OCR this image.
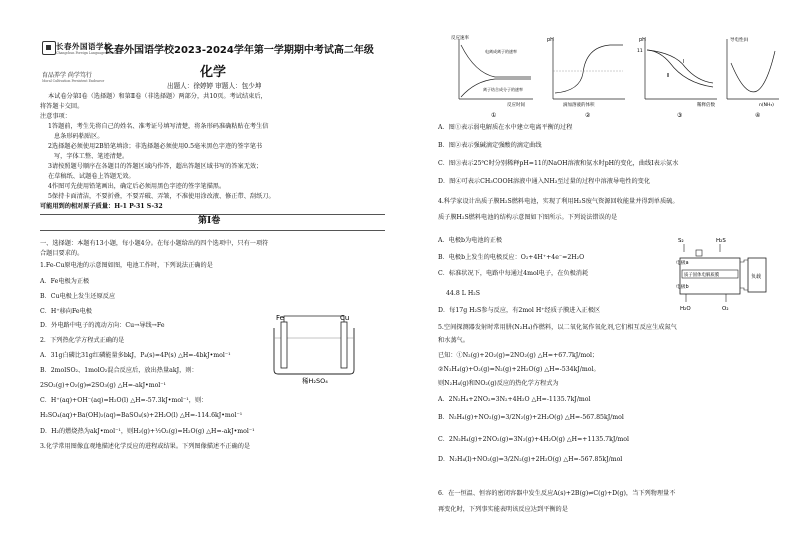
长春外国语学校
Changchun Foreign Languages School
育品养学 尚学笃行
Moral Cultivation Persistent Endeavor
长春外国语学校2023-2024学年第一学期期中考试高二年级
化学
出题人：徐婷婷 审题人：包少坤
本试卷分第Ⅰ卷（选择题）和第Ⅱ卷（非选择题）两部分，共10页。考试结束后，
将答题卡交回。
注意事项：
1答题前，考生先将自己的姓名、准考证号填写清楚，将条形码准确粘贴在考生信
息条形码粘贴区。
2选择题必须使用2B铅笔填涂；非选择题必须使用0.5毫米黑色字迹的签字笔书
写，字体工整、笔迹清楚。
3请按照题号顺序在各题目的答题区域内作答，超出答题区域书写的答案无效；
在草稿纸、试题卷上答题无效。
4作图可先使用铅笔画出，确定后必须用黑色字迹的签字笔描黑。
5保持卡面清洁，不要折叠，不要弄破、弄皱，不准使用涂改液、修正带、刮纸刀。
可能用到的相对原子质量：H-1 P-31 S-32
第Ⅰ卷
一、选择题：本题有13小题，每小题4分。在每小题给出的四个选项中，只有一项符
合题目要求的。
1.Fe-Cu原电池的示意图如图，电池工作时，下列说法正确的是
A．Fe电极为正极
B．Cu电极上发生还原反应
C．H⁺移向Fe电极
D．外电路中电子的流动方向：Cu→导线→Fe
2．下列热化学方程式正确的是
A．31g白磷比31g红磷能量多bkJ，P₄(s)=4P(s) △H=-4bkJ•mol⁻¹
B．2molSO₂、1molO₂混合反应后，放出热量akJ，则：
2SO₂(g)+O₂(g)⇌2SO₃(g) △H=-akJ•mol⁻¹
C．H⁺(aq)+OH⁻(aq)=H₂O(l) △H=-57.3kJ•mol⁻¹，则：
H₂SO₄(aq)+Ba(OH)₂(aq)=BaSO₄(s)+2H₂O(l) △H=-114.6kJ•mol⁻¹
D．H₂的燃烧热为akJ•mol⁻¹，则H₂(g)+½O₂(g)=H₂O(g) △H=-akJ•mol⁻¹
3.化学常用图像直观地描述化学反应的进程或结果。下列图像描述不正确的是
Fe	Cu
稀H₂SO₄
反应速率
电离成离子的速率
离子结合成分子的速率
反应时间
①
pH
滴加溶液的体积
②
pH
11
Ⅰ
Ⅱ
稀释倍数
③
导电性(I)
n(NH₃)
④
A．图①表示弱电解质在水中建立电离平衡的过程
B．图②表示强碱滴定强酸的滴定曲线
C．图③表示25℃时分别稀释pH=11的NaOH溶液和氨水时pH的变化，曲线Ⅰ表示氨水
D．图④可表示CH₃COOH溶液中通入NH₃至过量的过程中溶液导电性的变化
4.科学家设计出质子膜H₂S燃料电池，实现了利用H₂S废气资源回收能量并得到单质硫。
质子膜H₂S燃料电池的结构示意图如下图所示。下列说法错误的是
A．电极b为电池的正极
B．电极b上发生的电极反应：O₂+4H⁺+4e⁻=2H₂O
C．标准状况下，电路中每通过4mol电子，在负极消耗
44.8 L H₂S
D．每17g H₂S参与反应，有2mol H⁺经质子膜进入正极区
5.空间探测器发射时常用肼(N₂H₄)作燃料，以二氧化氮作氧化剂,它们相互反应生成氮气
和水蒸气。
已知：①N₂(g)+2O₂(g)=2NO₂(g) △H=+67.7kJ/mol；
②N₂H₄(g)+O₂(g)=N₂(g)+2H₂O(g) △H=-534kJ/mol。
则N₂H₄(g)和NO₂(g)反应的热化学方程式为
A．2N₂H₄+2NO₂=3N₂+4H₂O △H=-1135.7kJ/mol
B．N₂H₄(g)+NO₂(g)=3/2N₂(g)+2H₂O(g) △H=-567.85kJ/mol
C．2N₂H₄(g)+2NO₂(g)=3N₂(g)+4H₂O(g) △H=+1135.7kJ/mol
D．N₂H₄(l)+NO₂(g)=3/2N₂(g)+2H₂O(g) △H=-567.85kJ/mol
6．在一恒温、恒容的密闭容器中发生反应A(s)+2B(g)⇌C(g)+D(g)，当下列物理量不
再变化时，下列事实能表明该反应达到平衡的是
S₂	H₂S
电极a
质子固体电解质膜
电极b
负载
H₂O	O₂
